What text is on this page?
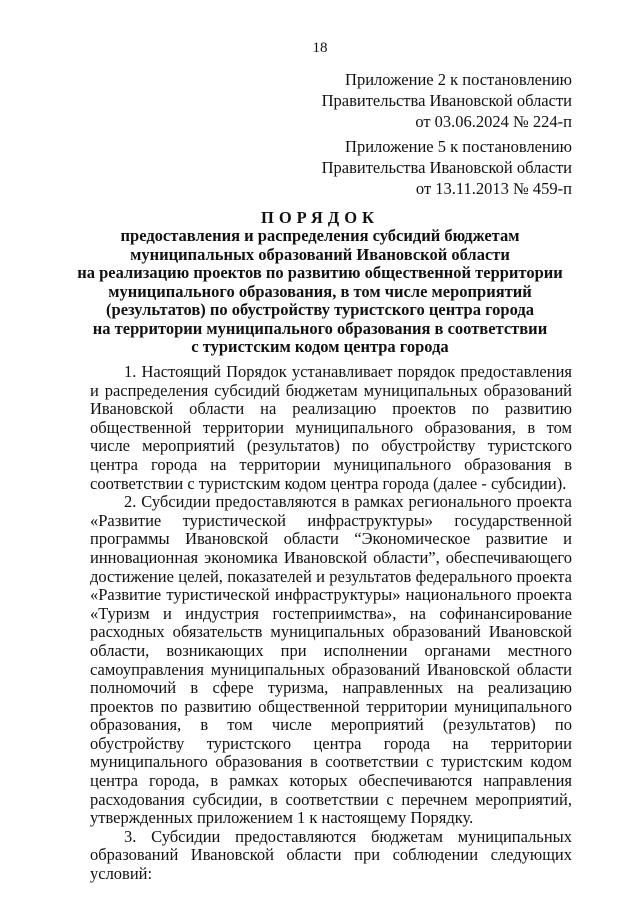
18
Приложение 2 к постановлению
Правительства Ивановской области
от 03.06.2024 № 224-п
Приложение 5 к постановлению
Правительства Ивановской области
от 13.11.2013 № 459-п
ПОРЯДОК
предоставления и распределения субсидий бюджетам
муниципальных образований Ивановской области
на реализацию проектов по развитию общественной территории
муниципального образования, в том числе мероприятий
(результатов) по обустройству туристского центра города
на территории муниципального образования в соответствии
с туристским кодом центра города

1. Настоящий Порядок устанавливает порядок предоставления и распределения субсидий бюджетам муниципальных образований Ивановской области на реализацию проектов по развитию общественной территории муниципального образования, в том числе мероприятий (результатов) по обустройству туристского центра города на территории муниципального образования в соответствии с туристским кодом центра города (далее - субсидии).

2. Субсидии предоставляются в рамках регионального проекта «Развитие туристической инфраструктуры» государственной программы Ивановской области “Экономическое развитие и инновационная экономика Ивановской области”, обеспечивающего достижение целей, показателей и результатов федерального проекта «Развитие туристической инфраструктуры» национального проекта «Туризм и индустрия гостеприимства», на софинансирование расходных обязательств муниципальных образований Ивановской области, возникающих при исполнении органами местного самоуправления муниципальных образований Ивановской области полномочий в сфере туризма, направленных на реализацию проектов по развитию общественной территории муниципального образования, в том числе мероприятий (результатов) по обустройству туристского центра города на территории муниципального образования в соответствии с туристским кодом центра города, в рамках которых обеспечиваются направления расходования субсидии, в соответствии с перечнем мероприятий, утвержденных приложением 1 к настоящему Порядку.

3. Субсидии предоставляются бюджетам муниципальных образований Ивановской области при соблюдении следующих условий:
